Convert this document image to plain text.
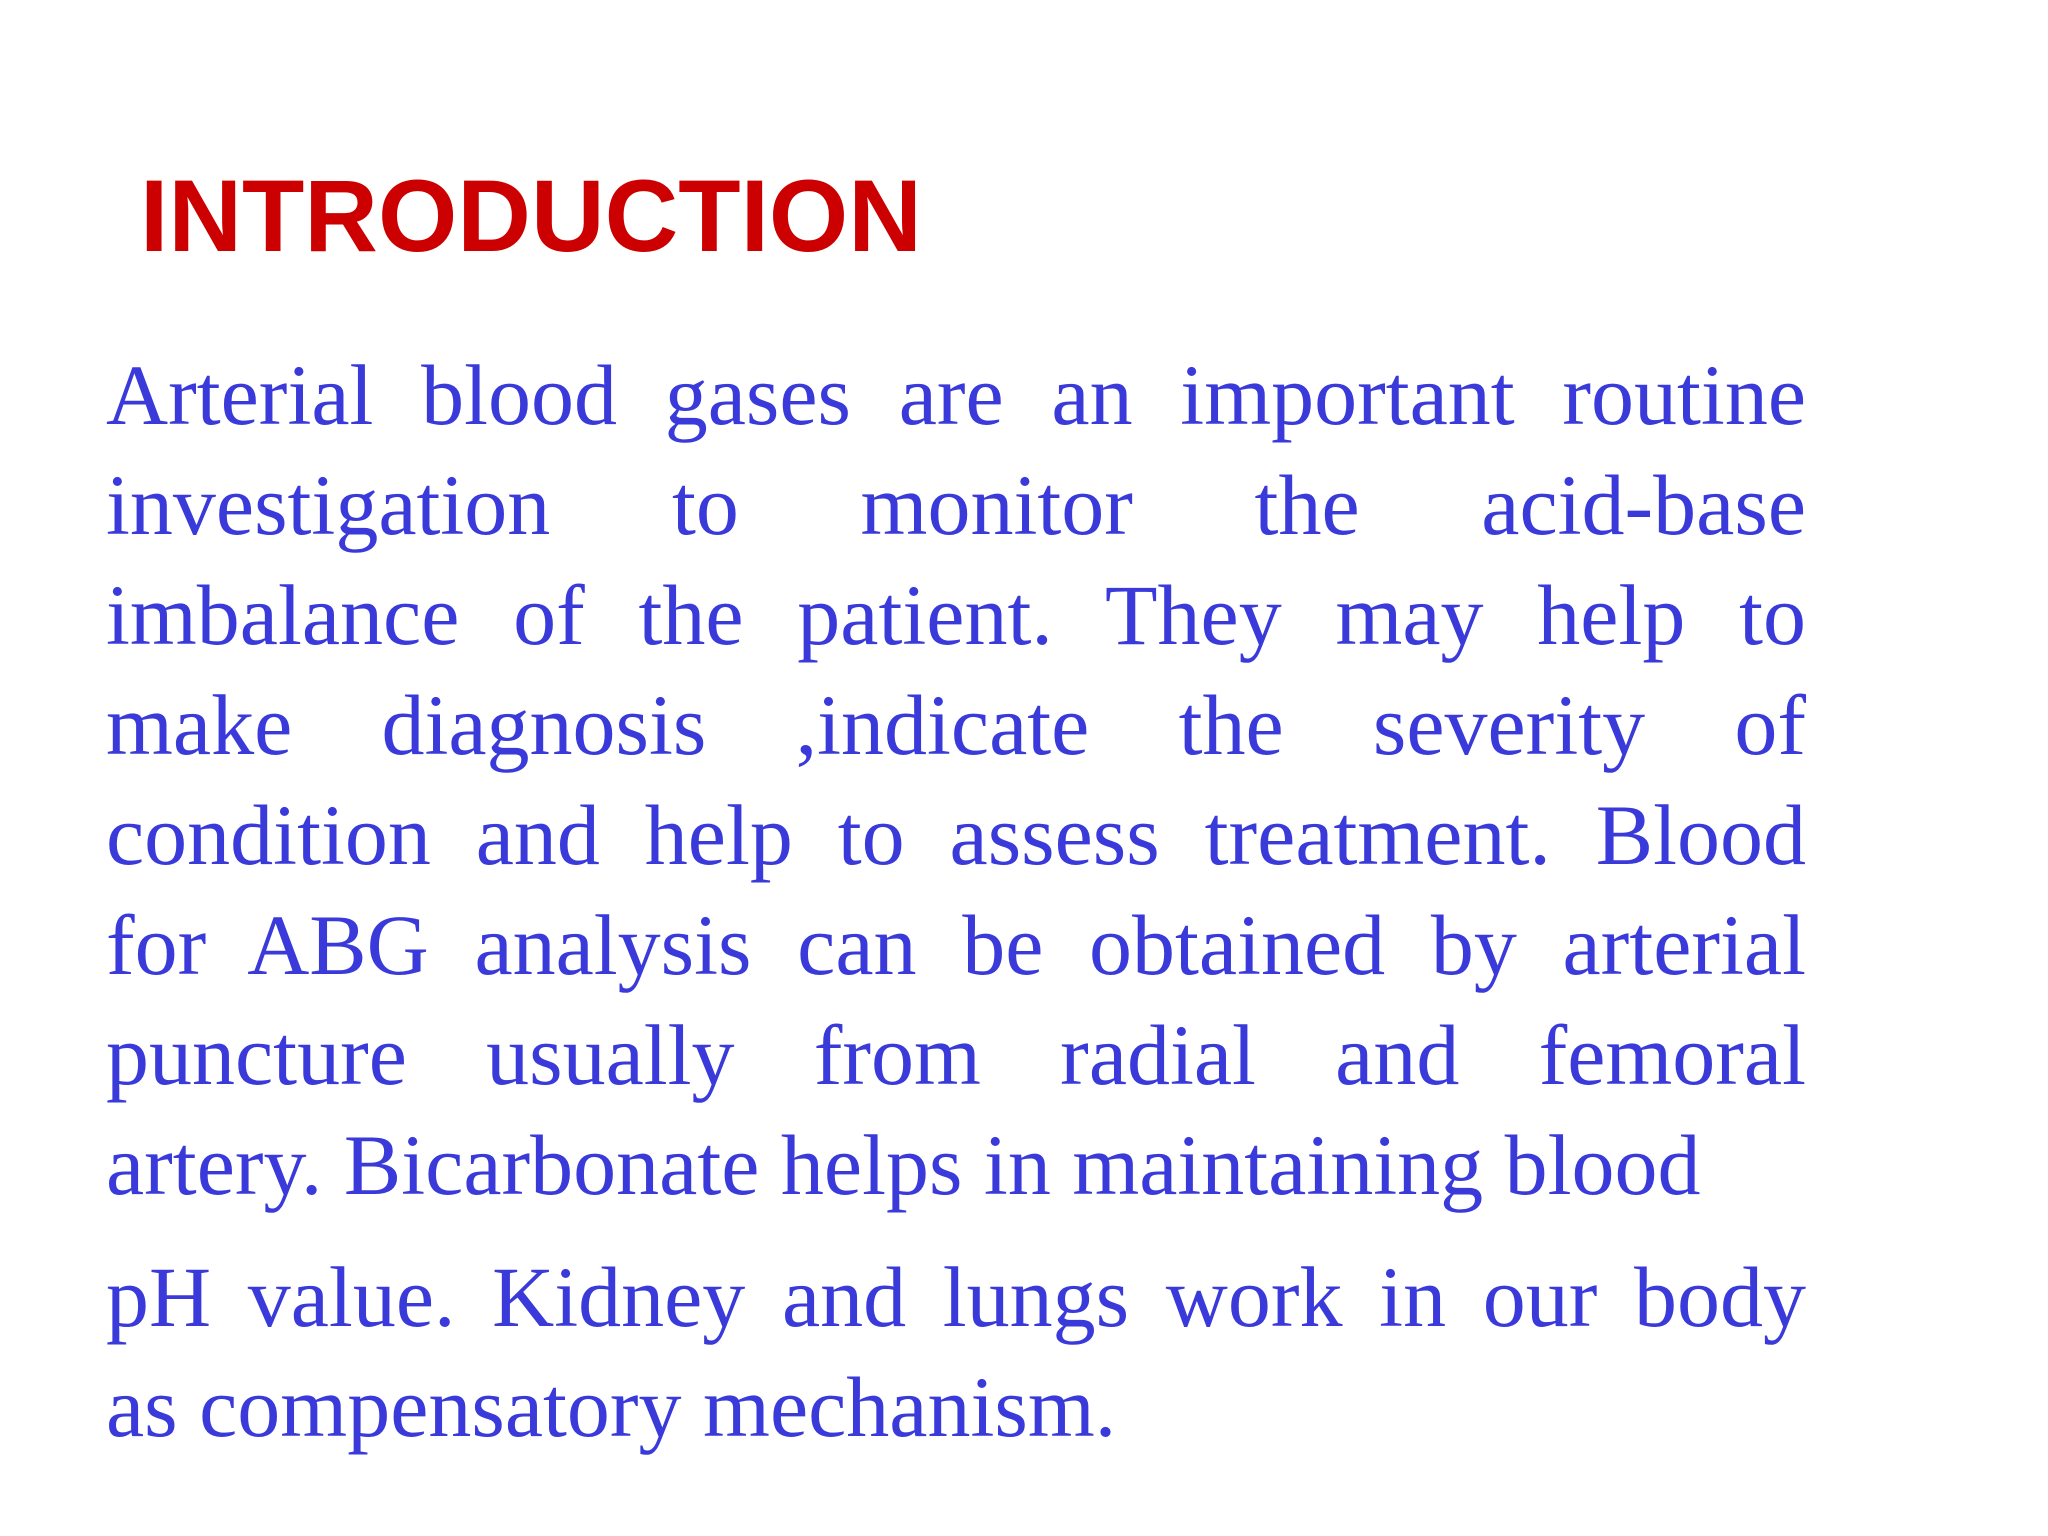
INTRODUCTION
Arterial blood gases are an important routine
investigation to monitor the acid-base
imbalance of the patient. They may help to
make diagnosis ,indicate the severity of
condition and help to assess treatment. Blood
for ABG analysis can be obtained by arterial
puncture usually from radial and femoral
artery. Bicarbonate helps in maintaining blood
pH value. Kidney and lungs work in our body
as compensatory mechanism.
